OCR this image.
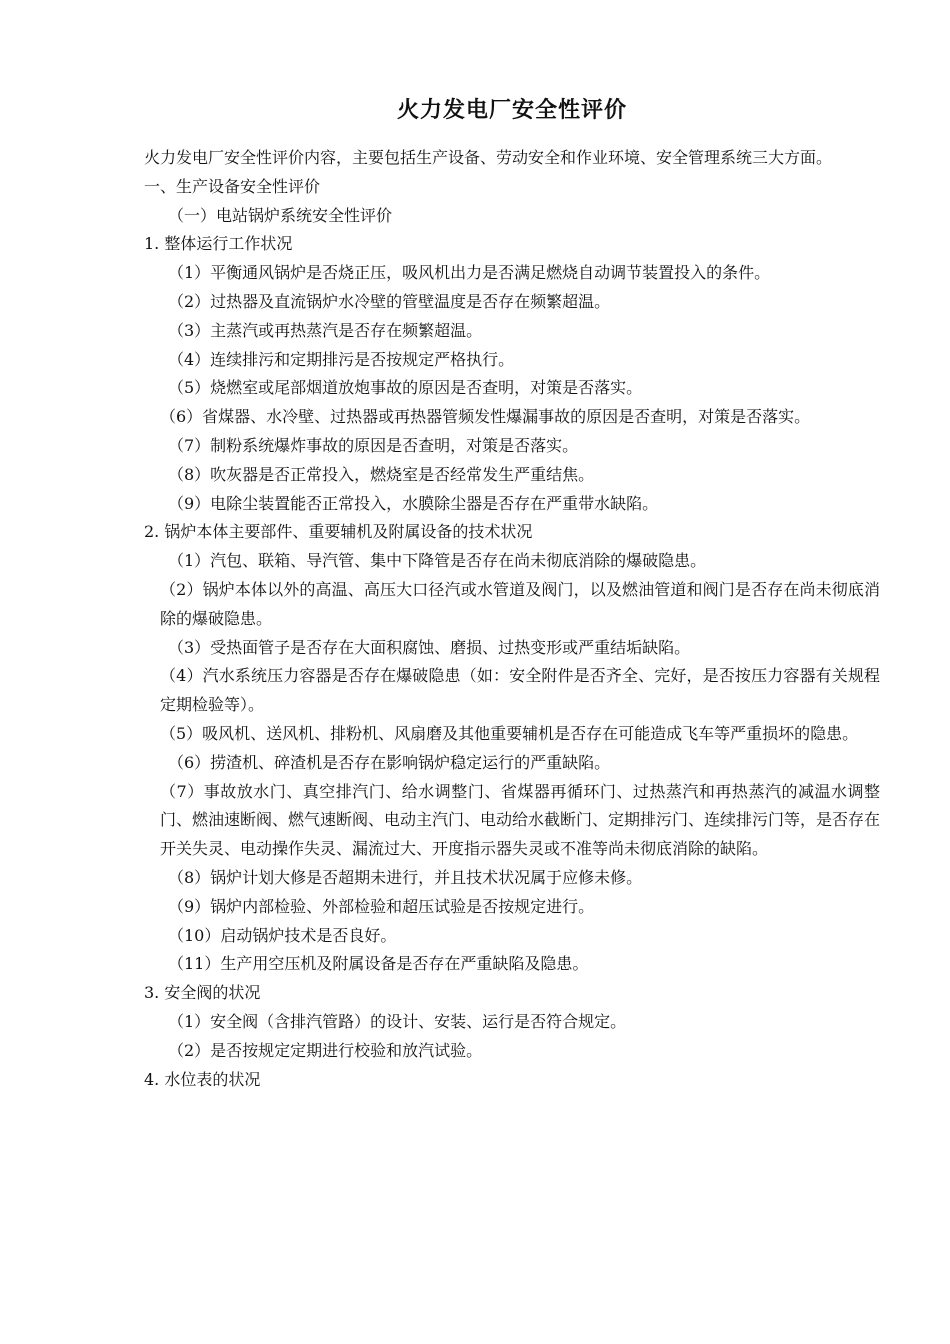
火力发电厂安全性评价

火力发电厂安全性评价内容，主要包括生产设备、劳动安全和作业环境、安全管理系统三大方面。

一、生产设备安全性评价

（一）电站锅炉系统安全性评价

1. 整体运行工作状况

（1）平衡通风锅炉是否烧正压，吸风机出力是否满足燃烧自动调节装置投入的条件。

（2）过热器及直流锅炉水冷壁的管壁温度是否存在频繁超温。

（3）主蒸汽或再热蒸汽是否存在频繁超温。

（4）连续排污和定期排污是否按规定严格执行。

（5）烧燃室或尾部烟道放炮事故的原因是否查明，对策是否落实。

（6）省煤器、水冷壁、过热器或再热器管频发性爆漏事故的原因是否查明，对策是否落实。

（7）制粉系统爆炸事故的原因是否查明，对策是否落实。

（8）吹灰器是否正常投入，燃烧室是否经常发生严重结焦。

（9）电除尘装置能否正常投入，水膜除尘器是否存在严重带水缺陷。

2. 锅炉本体主要部件、重要辅机及附属设备的技术状况

（1）汽包、联箱、导汽管、集中下降管是否存在尚未彻底消除的爆破隐患。

（2）锅炉本体以外的高温、高压大口径汽或水管道及阀门，以及燃油管道和阀门是否存在尚未彻底消除的爆破隐患。

（3）受热面管子是否存在大面积腐蚀、磨损、过热变形或严重结垢缺陷。

（4）汽水系统压力容器是否存在爆破隐患（如：安全附件是否齐全、完好，是否按压力容器有关规程定期检验等）。

（5）吸风机、送风机、排粉机、风扇磨及其他重要辅机是否存在可能造成飞车等严重损坏的隐患。

（6）捞渣机、碎渣机是否存在影响锅炉稳定运行的严重缺陷。

（7）事故放水门、真空排汽门、给水调整门、省煤器再循环门、过热蒸汽和再热蒸汽的减温水调整门、燃油速断阀、燃气速断阀、电动主汽门、电动给水截断门、定期排污门、连续排污门等，是否存在开关失灵、电动操作失灵、漏流过大、开度指示器失灵或不准等尚未彻底消除的缺陷。

（8）锅炉计划大修是否超期未进行，并且技术状况属于应修未修。

（9）锅炉内部检验、外部检验和超压试验是否按规定进行。

（10）启动锅炉技术是否良好。

（11）生产用空压机及附属设备是否存在严重缺陷及隐患。

3. 安全阀的状况

（1）安全阀（含排汽管路）的设计、安装、运行是否符合规定。

（2）是否按规定定期进行校验和放汽试验。

4. 水位表的状况
